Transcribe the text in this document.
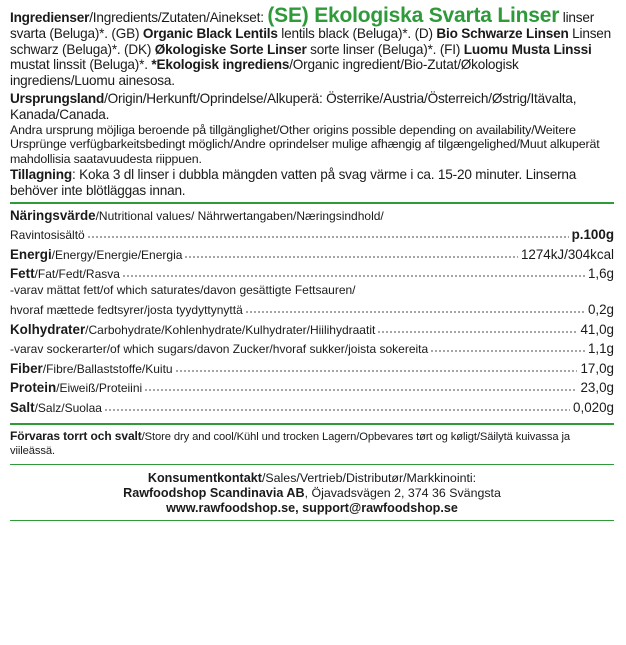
Ingredienser/Ingredients/Zutaten/Ainekset: (SE) Ekologiska Svarta Linser linser svarta (Beluga)*. (GB) Organic Black Lentils lentils black (Beluga)*. (D) Bio Schwarze Linsen Linsen schwarz (Beluga)*. (DK) Økologiske Sorte Linser sorte linser (Beluga)*. (FI) Luomu Musta Linssi mustat linssit (Beluga)*. *Ekologisk ingrediens/Organic ingredient/Bio-Zutat/Økologisk ingrediens/Luomu ainesosa.
Ursprungsland/Origin/Herkunft/Oprindelse/Alkuperä: Österrike/Austria/Österreich/Østrig/Itävalta, Kanada/Canada.
Andra ursprung möjliga beroende på tillgänglighet/Other origins possible depending on availability/Weitere Ursprünge verfügbarkeitsbedingt möglich/Andre oprindelser mulige afhængig af tilgængelighed/Muut alkuperät mahdollisia saatavuudesta riippuen.
Tillagning: Koka 3 dl linser i dubbla mängden vatten på svag värme i ca. 15-20 minuter. Linserna behöver inte blötläggas innan.
Näringsvärde/Nutritional values/ Nährwertangaben/Næringsindhold/
Ravintosisältö	p.100g
Energi/Energy/Energie/Energia	1274kJ/304kcal
Fett/Fat/Fedt/Rasva	1,6g
-varav mättat fett/of which saturates/davon gesättigte Fettsauren/
hvoraf mættede fedtsyrer/josta tyydyttynyttä	0,2g
Kolhydrater/Carbohydrate/Kohlenhydrate/Kulhydrater/Hiilihydraatit	41,0g
-varav sockerarter/of which sugars/davon Zucker/hvoraf sukker/joista sokereita	1,1g
Fiber/Fibre/Ballaststoffe/Kuitu	17,0g
Protein/Eiweiß/Proteiini	23,0g
Salt/Salz/Suolaa	0,020g
Förvaras torrt och svalt/Store dry and cool/Kühl und trocken Lagern/Opbevares tørt og køligt/Säilytä kuivassa ja viileässä.
Konsumentkontakt/Sales/Vertrieb/Distributør/Markkinointi:
Rawfoodshop Scandinavia AB, Öjavadsvägen 2, 374 36 Svängsta
www.rawfoodshop.se, support@rawfoodshop.se
